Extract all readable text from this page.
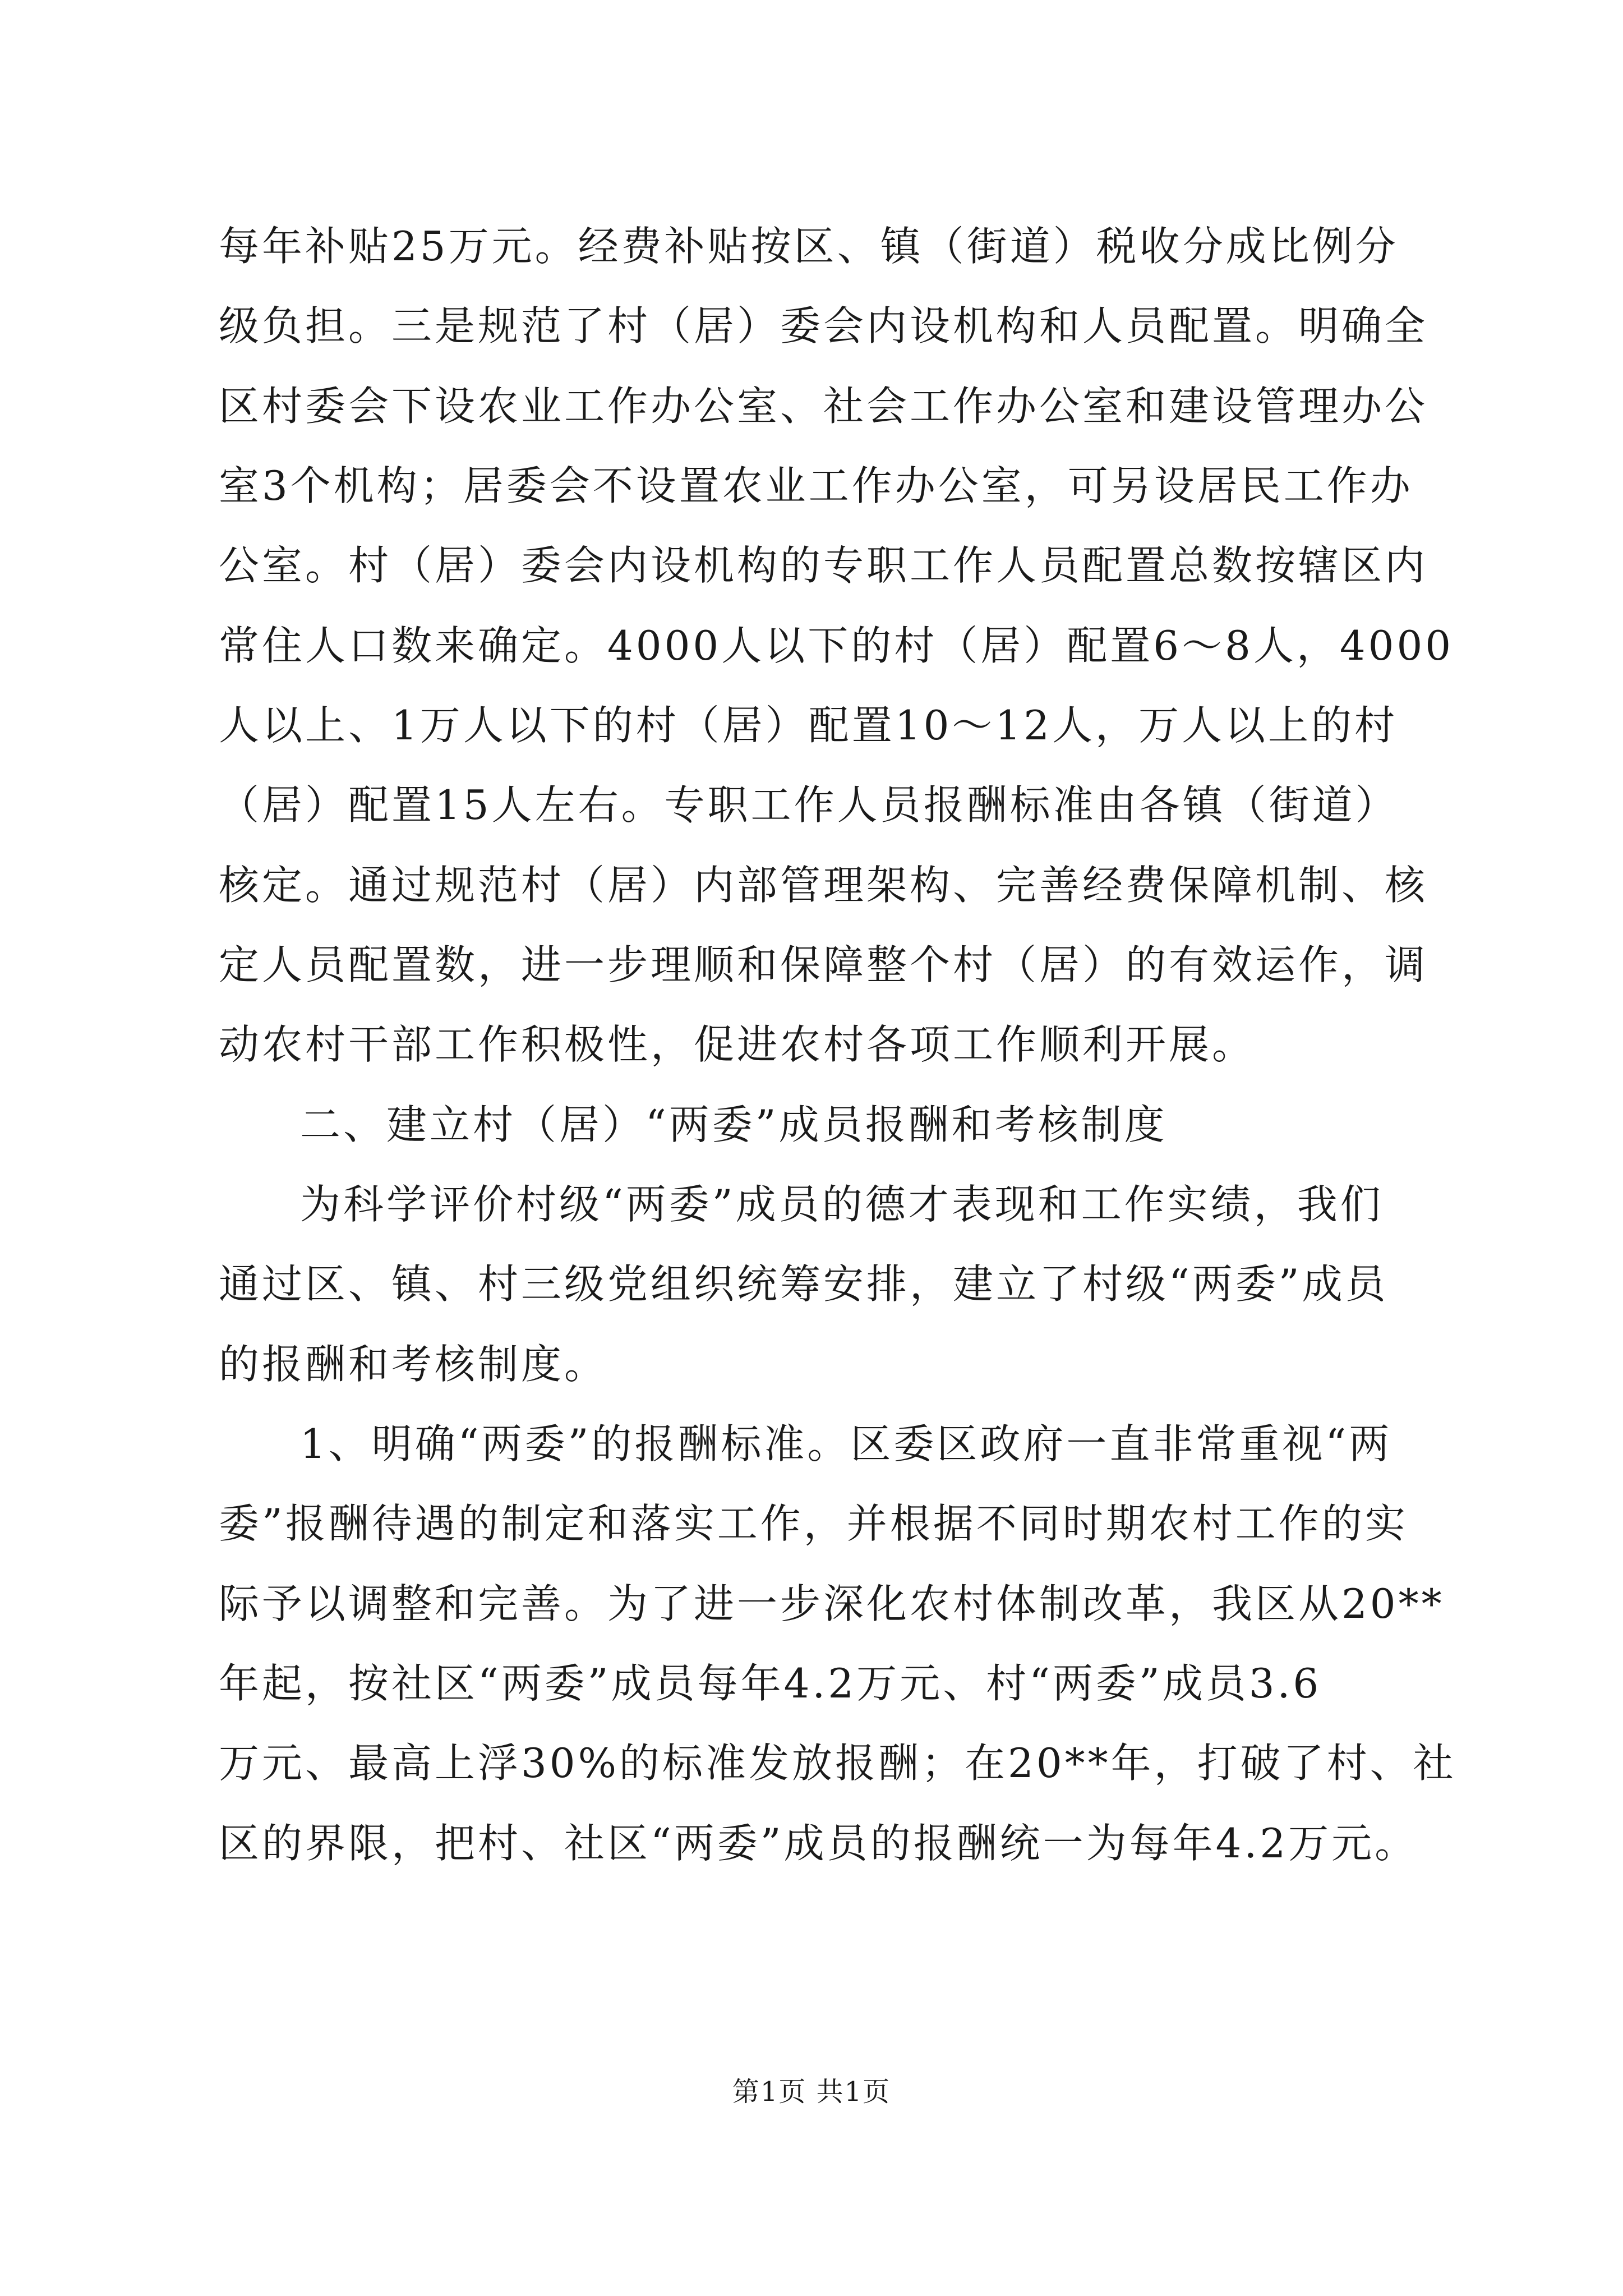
每年补贴25万元。经费补贴按区、镇（街道）税收分成比例分
级负担。三是规范了村（居）委会内设机构和人员配置。明确全
区村委会下设农业工作办公室、社会工作办公室和建设管理办公
室3个机构；居委会不设置农业工作办公室，可另设居民工作办
公室。村（居）委会内设机构的专职工作人员配置总数按辖区内
常住人口数来确定。4000人以下的村（居）配置6～8人，4000
人以上、1万人以下的村（居）配置10～12人，万人以上的村
（居）配置15人左右。专职工作人员报酬标准由各镇（街道）
核定。通过规范村（居）内部管理架构、完善经费保障机制、核
定人员配置数，进一步理顺和保障整个村（居）的有效运作，调
动农村干部工作积极性，促进农村各项工作顺利开展。
二、建立村（居）“两委”成员报酬和考核制度
为科学评价村级“两委”成员的德才表现和工作实绩，我们
通过区、镇、村三级党组织统筹安排，建立了村级“两委”成员
的报酬和考核制度。
1、明确“两委”的报酬标准。区委区政府一直非常重视“两
委”报酬待遇的制定和落实工作，并根据不同时期农村工作的实
际予以调整和完善。为了进一步深化农村体制改革，我区从20**
年起，按社区“两委”成员每年4.2万元、村“两委”成员3.6
万元、最高上浮30%的标准发放报酬；在20**年，打破了村、社
区的界限，把村、社区“两委”成员的报酬统一为每年4.2万元。
第1页 共1页
